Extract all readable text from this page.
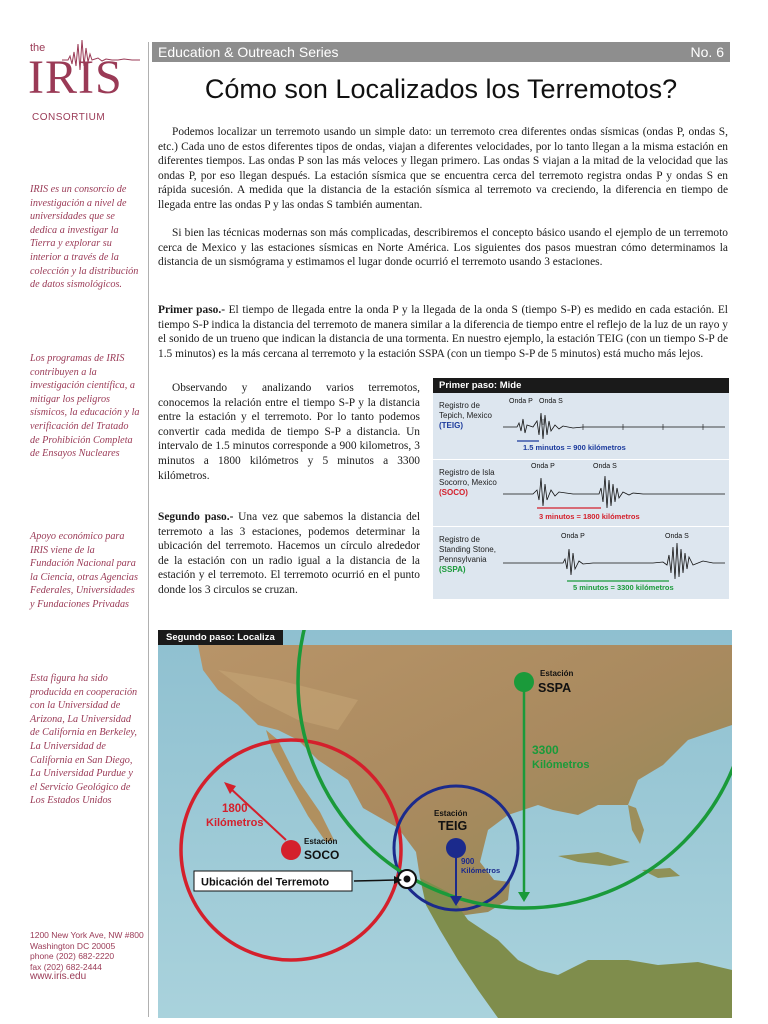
the
IRIS
CONSORTIUM
IRIS es un consorcio de investigación a nivel de universidades que se dedica a investigar la Tierra y explorar su interior a través de la colección y la distribución de datos sismológicos.
Los programas de IRIS contribuyen a la investigación científica, a mitigar los peligros sísmicos, la educación y la verificación del Tratado de Prohibición Completa de Ensayos Nucleares
Apoyo económico para IRIS viene de la Fundación Nacional para la Ciencia, otras Agencias Federales, Universidades y Fundaciones Privadas
Esta figura ha sido producida en cooperación con la Universidad de Arizona, La Universidad de California en Berkeley, La Universidad de California en San Diego, La Universidad Purdue y el Servicio Geológico de Los Estados Unidos
1200 New York Ave, NW #800
Washington DC 20005
phone (202) 682-2220
fax (202) 682-2444
www.iris.edu
Education & Outreach Series	No. 6
Cómo son Localizados los Terremotos?
Podemos localizar un terremoto usando un simple dato: un terremoto crea diferentes ondas sísmicas (ondas P, ondas S, etc.) Cada uno de estos diferentes tipos de ondas, viajan a diferentes velocidades, por lo tanto llegan a la misma estación en diferentes tiempos. Las ondas P son las más veloces y llegan primero. Las ondas S viajan a la mitad de la velocidad que las ondas P, por eso llegan después. La estación sísmica que se encuentra cerca del terremoto registra ondas P y ondas S en rápida sucesión. A medida que la distancia de la estación sísmica al terremoto va creciendo, la diferencia en tiempo de llegada entre las ondas P y las ondas S también aumentan.
Si bien las técnicas modernas son más complicadas, describiremos el concepto básico usando el ejemplo de un terremoto cerca de Mexico y las estaciones sísmicas en Norte América. Los siguientes dos pasos muestran cómo determinamos la distancia de un sismógrama y estimamos el lugar donde ocurrió el terremoto usando 3 estaciones.
Primer paso.- El tiempo de llegada entre la onda P y la llegada de la onda S (tiempo S-P) es medido en cada estación. El tiempo S-P indica la distancia del terremoto de manera similar a la diferencia de tiempo entre el reflejo de la luz de un rayo y el sonido de un trueno que indican la distancia de una tormenta. En nuestro ejemplo, la estación TEIG (con un tiempo S-P de 1.5 minutos) es la más cercana al terremoto y la estación SSPA (con un tiempo S-P de 5 minutos) está mucho más lejos.
Observando y analizando varios terremotos, conocemos la relación entre el tiempo S-P y la distancia entre la estación y el terremoto. Por lo tanto podemos convertir cada medida de tiempo S-P a distancia. Un intervalo de 1.5 minutos corresponde a 900 kilometros, 3 minutos a 1800 kilómetros y 5 minutos a 3300 kilómetros.
Segundo paso.- Una vez que sabemos la distancia del terremoto a las 3 estaciones, podemos determinar la ubicación del terremoto. Hacemos un círculo alrededor de la estación con un radio igual a la distancia de la estación y el terremoto. El terremoto ocurrió en el punto donde los 3 circulos se cruzan.
Primer paso: Mide
Registro de Tepich, Mexico
(TEIG)
Onda P Onda S
1.5 minutos = 900 kilómetros
Registro de Isla Socorro, Mexico
(SOCO)
Onda P	Onda S
3 minutos = 1800 kilómetros
Registro de Standing Stone, Pennsylvania
(SSPA)
Onda P	Onda S
5 minutos = 3300 kilómetros
Estación
SSPA
3300
Kilómetros
Estación
SOCO
1800
Kilómetros
Estación
TEIG
900
Kilómetros
Ubicación del Terremoto
Segundo paso: Localiza
